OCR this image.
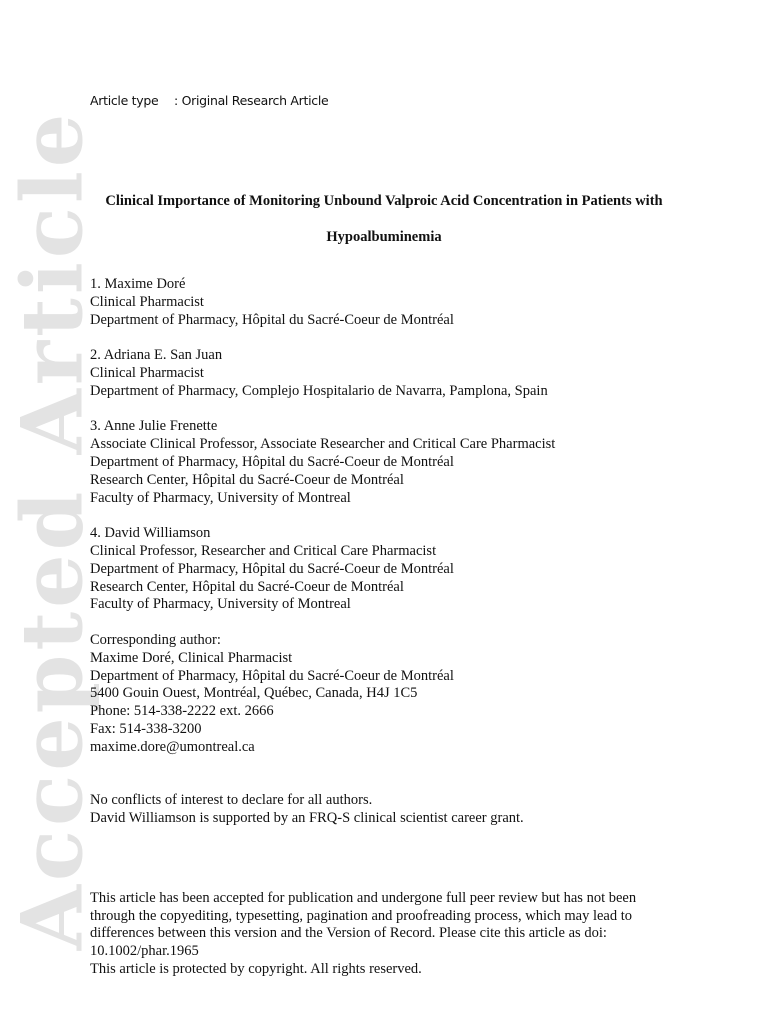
Accepted Article
Article type : Original Research Article
Clinical Importance of Monitoring Unbound Valproic Acid Concentration in Patients with
Hypoalbuminemia
1. Maxime Doré
Clinical Pharmacist
Department of Pharmacy, Hôpital du Sacré-Coeur de Montréal
2. Adriana E. San Juan
Clinical Pharmacist
Department of Pharmacy, Complejo Hospitalario de Navarra, Pamplona, Spain
3. Anne Julie Frenette
Associate Clinical Professor, Associate Researcher and Critical Care Pharmacist
Department of Pharmacy, Hôpital du Sacré-Coeur de Montréal
Research Center, Hôpital du Sacré-Coeur de Montréal
Faculty of Pharmacy, University of Montreal
4. David Williamson
Clinical Professor, Researcher and Critical Care Pharmacist
Department of Pharmacy, Hôpital du Sacré-Coeur de Montréal
Research Center, Hôpital du Sacré-Coeur de Montréal
Faculty of Pharmacy, University of Montreal
Corresponding author:
Maxime Doré, Clinical Pharmacist
Department of Pharmacy, Hôpital du Sacré-Coeur de Montréal
5400 Gouin Ouest, Montréal, Québec, Canada, H4J 1C5
Phone: 514-338-2222 ext. 2666
Fax: 514-338-3200
maxime.dore@umontreal.ca
No conflicts of interest to declare for all authors.
David Williamson is supported by an FRQ-S clinical scientist career grant.
This article has been accepted for publication and undergone full peer review but has not been
through the copyediting, typesetting, pagination and proofreading process, which may lead to
differences between this version and the Version of Record. Please cite this article as doi:
10.1002/phar.1965
This article is protected by copyright. All rights reserved.
